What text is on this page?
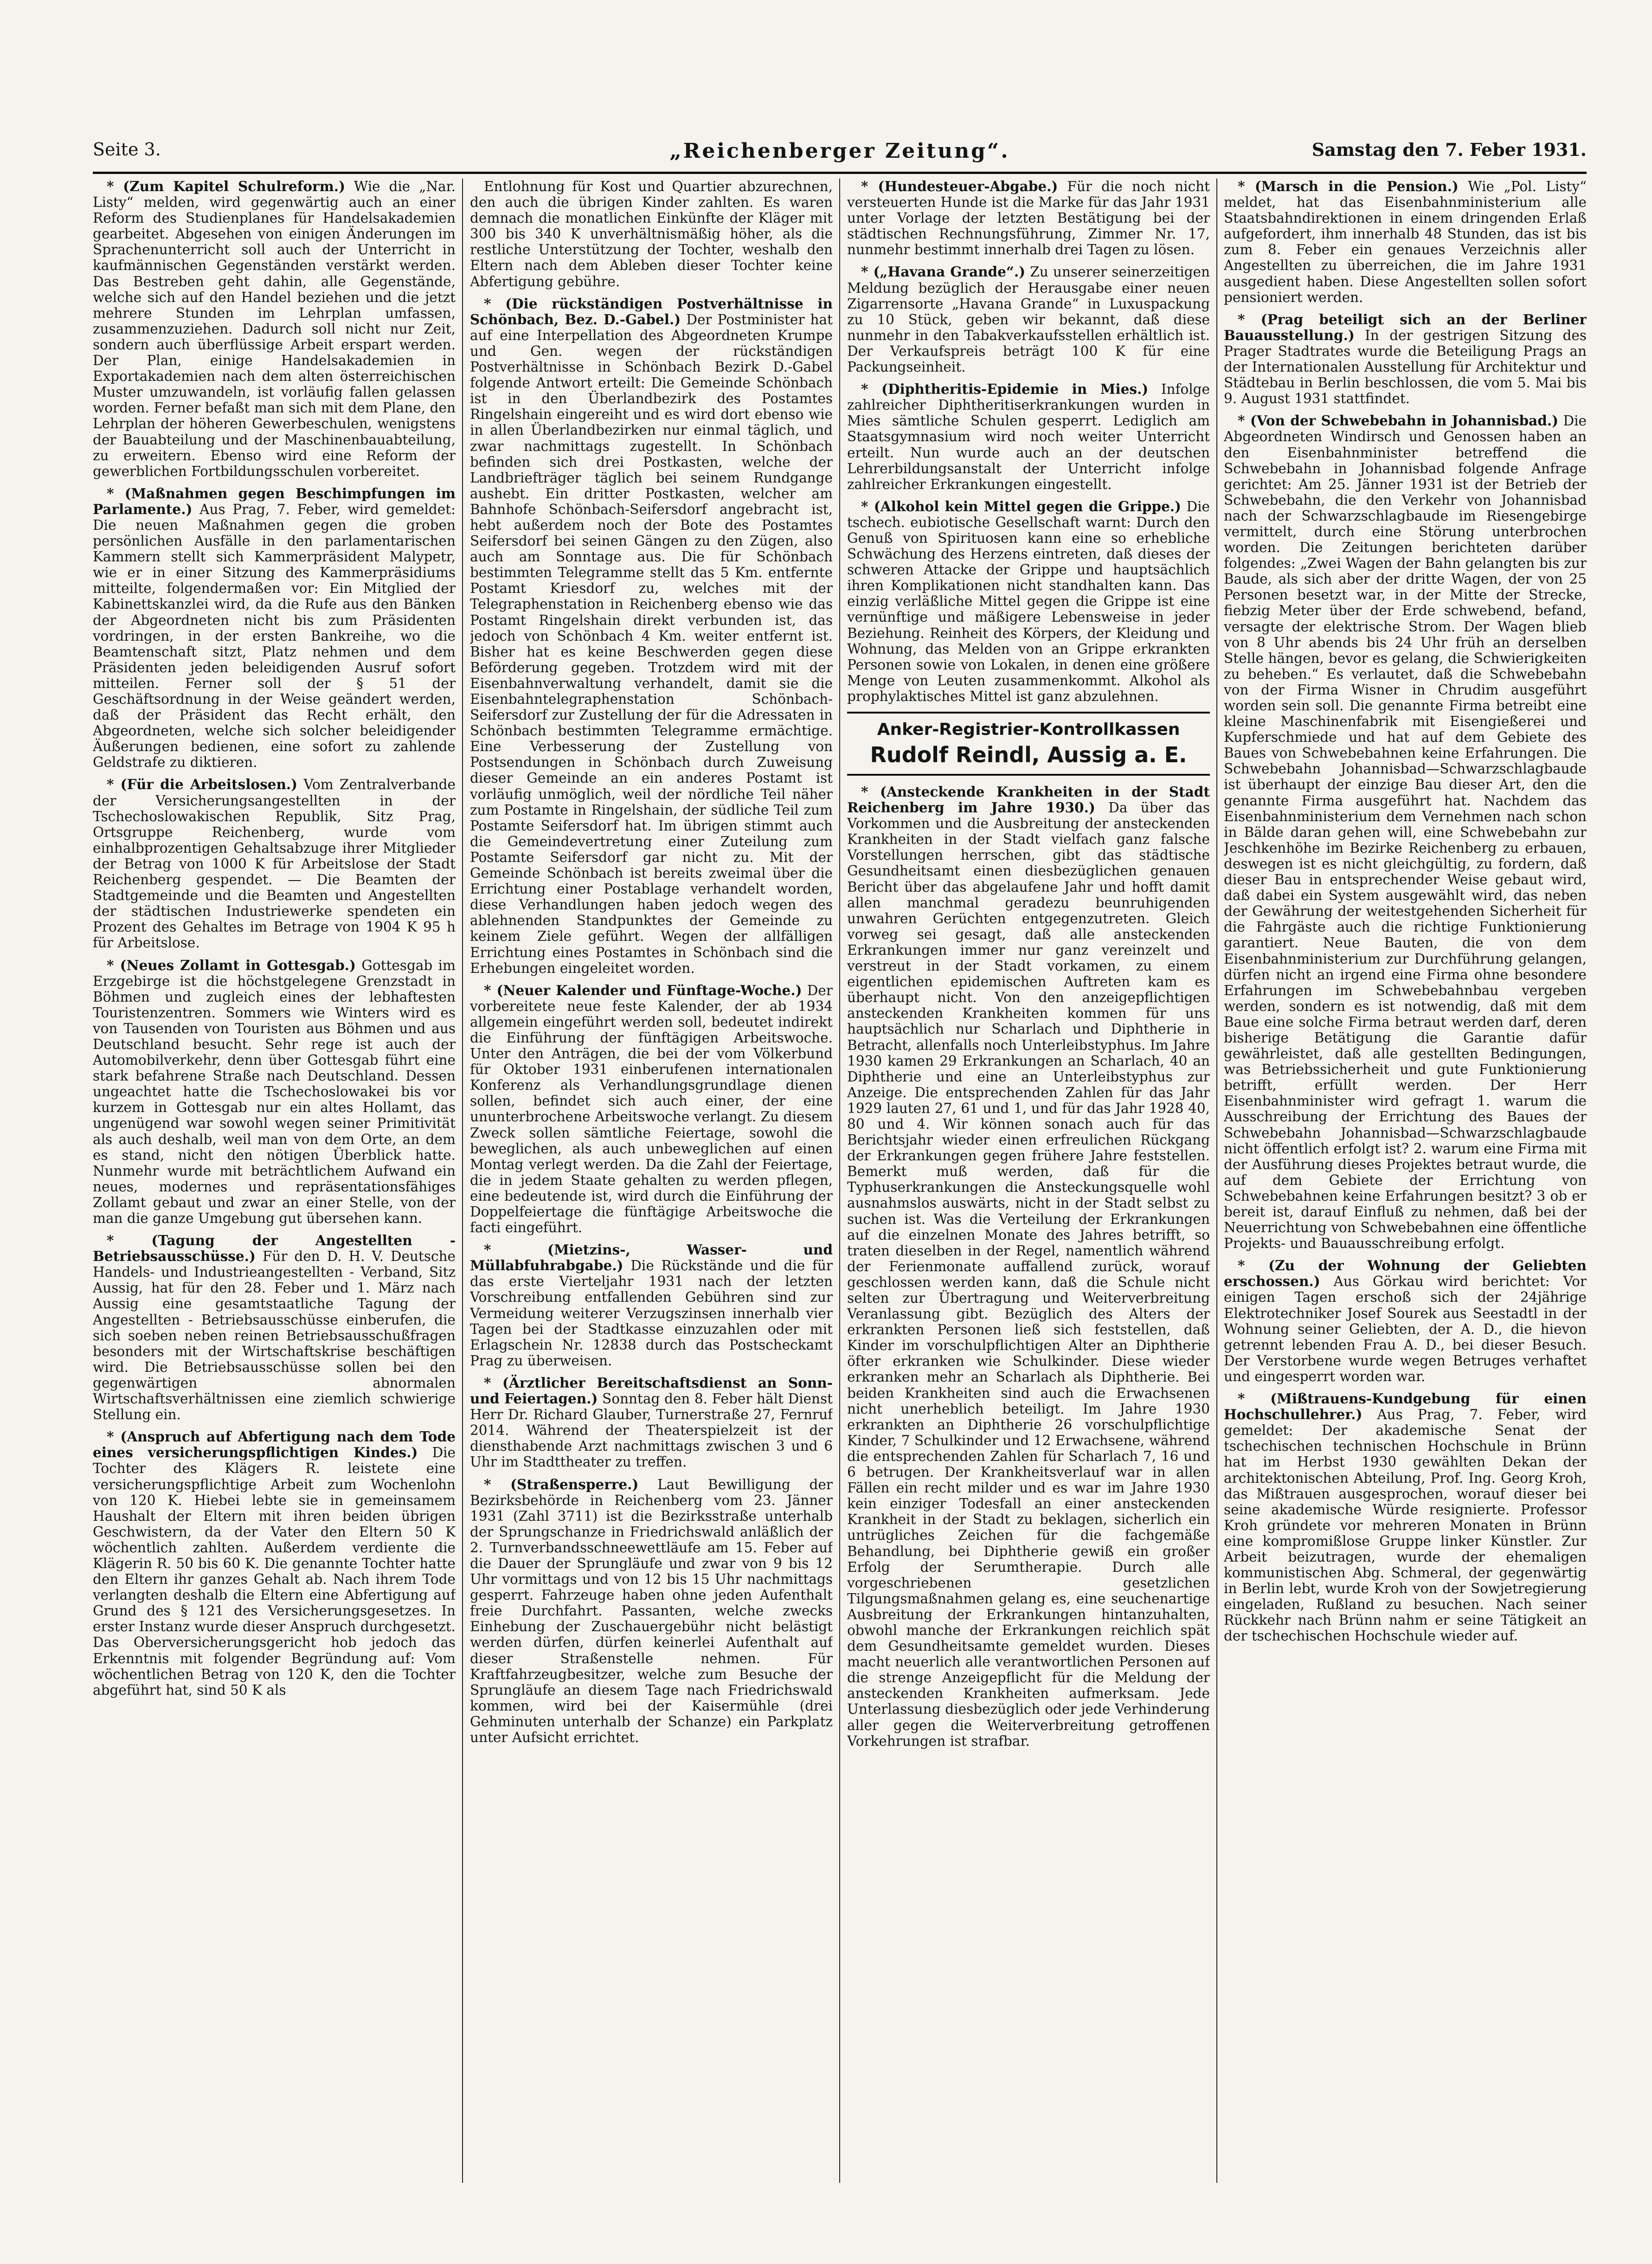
Seite 3.	„Reichenberger Zeitung“.	Samstag den 7. Feber 1931.

* (Zum Kapitel Schulreform.) Wie die „Nar. Listy“ melden, wird gegenwärtig auch an einer Reform des Studienplanes für Handelsakademien gearbeitet. Abgesehen von einigen Änderungen im Sprachenunterricht soll auch der Unterricht in kaufmännischen Gegenständen verstärkt werden. Das Bestreben geht dahin, alle Gegenstände, welche sich auf den Handel beziehen und die jetzt mehrere Stunden im Lehrplan umfassen, zusammenzuziehen. Dadurch soll nicht nur Zeit, sondern auch überflüssige Arbeit erspart werden. Der Plan, einige Handelsakademien in Exportakademien nach dem alten österreichischen Muster umzuwandeln, ist vorläufig fallen gelassen worden. Ferner befaßt man sich mit dem Plane, den Lehrplan der höheren Gewerbeschulen, wenigstens der Bauabteilung und der Maschinenbauabteilung, zu erweitern. Ebenso wird eine Reform der gewerblichen Fortbildungsschulen vorbereitet.

* (Maßnahmen gegen Beschimpfungen im Parlamente.) Aus Prag, 7. Feber, wird gemeldet: Die neuen Maßnahmen gegen die groben persönlichen Ausfälle in den parlamentarischen Kammern stellt sich Kammerpräsident Malypetr, wie er in einer Sitzung des Kammerpräsidiums mitteilte, folgendermaßen vor: Ein Mitglied der Kabinettskanzlei wird, da die Rufe aus den Bänken der Abgeordneten nicht bis zum Präsidenten vordringen, in der ersten Bankreihe, wo die Beamtenschaft sitzt, Platz nehmen und dem Präsidenten jeden beleidigenden Ausruf sofort mitteilen. Ferner soll der § 51 der Geschäftsordnung in der Weise geändert werden, daß der Präsident das Recht erhält, den Abgeordneten, welche sich solcher beleidigender Äußerungen bedienen, eine sofort zu zahlende Geldstrafe zu diktieren.

* (Für die Arbeitslosen.) Vom Zentralverbande der Versicherungsangestellten in der Tschechoslowakischen Republik, Sitz Prag, Ortsgruppe Reichenberg, wurde vom einhalbprozentigen Gehaltsabzuge ihrer Mitglieder der Betrag von 1000 K für Arbeitslose der Stadt Reichenberg gespendet. — Die Beamten der Stadtgemeinde und die Beamten und Angestellten der städtischen Industriewerke spendeten ein Prozent des Gehaltes im Betrage von 1904 K 95 h für Arbeitslose.

* (Neues Zollamt in Gottesgab.) Gottesgab im Erzgebirge ist die höchstgelegene Grenzstadt in Böhmen und zugleich eines der lebhaftesten Touristenzentren. Sommers wie Winters wird es von Tausenden von Touristen aus Böhmen und aus Deutschland besucht. Sehr rege ist auch der Automobilverkehr, denn über Gottesgab führt eine stark befahrene Straße nach Deutschland. Dessen ungeachtet hatte die Tschechoslowakei bis vor kurzem in Gottesgab nur ein altes Hollamt, das ungenügend war sowohl wegen seiner Primitivität als auch deshalb, weil man von dem Orte, an dem es stand, nicht den nötigen Überblick hatte. Nunmehr wurde mit beträchtlichem Aufwand ein neues, modernes und repräsentationsfähiges Zollamt gebaut und zwar an einer Stelle, von der man die ganze Umgebung gut übersehen kann.

* (Tagung der Angestellten - Betriebsausschüsse.) Für den D. H. V. Deutsche Handels- und Industrieangestellten - Verband, Sitz Aussig, hat für den 28. Feber und 1. März nach Aussig eine gesamtstaatliche Tagung der Angestellten - Betriebsausschüsse einberufen, die sich soeben neben reinen Betriebsausschußfragen besonders mit der Wirtschaftskrise beschäftigen wird. Die Betriebsausschüsse sollen bei den gegenwärtigen abnormalen Wirtschaftsverhältnissen eine ziemlich schwierige Stellung ein.

* (Anspruch auf Abfertigung nach dem Tode eines versicherungspflichtigen Kindes.) Die Tochter des Klägers R. leistete eine versicherungspflichtige Arbeit zum Wochenlohn von 120 K. Hiebei lebte sie in gemeinsamem Haushalt der Eltern mit ihren beiden übrigen Geschwistern, da der Vater den Eltern 50 K wöchentlich zahlten. Außerdem verdiente die Klägerin R. 50 bis 60 K. Die genannte Tochter hatte den Eltern ihr ganzes Gehalt ab. Nach ihrem Tode verlangten deshalb die Eltern eine Abfertigung auf Grund des § 121 des Versicherungsgesetzes. In erster Instanz wurde dieser Anspruch durchgesetzt. Das Oberversicherungsgericht hob jedoch das Erkenntnis mit folgender Begründung auf: Vom wöchentlichen Betrag von 120 K, den die Tochter abgeführt hat, sind 50 K als

Entlohnung für Kost und Quartier abzurechnen, den auch die übrigen Kinder zahlten. Es waren demnach die monatlichen Einkünfte der Kläger mit 300 bis 340 K unverhältnismäßig höher, als die restliche Unterstützung der Tochter, weshalb den Eltern nach dem Ableben dieser Tochter keine Abfertigung gebühre.

* (Die rückständigen Postverhältnisse in Schönbach, Bez. D.-Gabel.) Der Postminister hat auf eine Interpellation des Abgeordneten Krumpe und Gen. wegen der rückständigen Postverhältnisse in Schönbach Bezirk D.-Gabel folgende Antwort erteilt: Die Gemeinde Schönbach ist in den Überlandbezirk des Postamtes Ringelshain eingereiht und es wird dort ebenso wie in allen Überlandbezirken nur einmal täglich, und zwar nachmittags zugestellt. In Schönbach befinden sich drei Postkasten, welche der Landbriefträger täglich bei seinem Rundgange aushebt. Ein dritter Postkasten, welcher am Bahnhofe Schönbach-Seifersdorf angebracht ist, hebt außerdem noch der Bote des Postamtes Seifersdorf bei seinen Gängen zu den Zügen, also auch am Sonntage aus. Die für Schönbach bestimmten Telegramme stellt das 5 Km. entfernte Postamt Kriesdorf zu, welches mit der Telegraphenstation in Reichenberg ebenso wie das Postamt Ringelshain direkt verbunden ist, das jedoch von Schönbach 4 Km. weiter entfernt ist. Bisher hat es keine Beschwerden gegen diese Beförderung gegeben. Trotzdem wird mit der Eisenbahnverwaltung verhandelt, damit sie die Eisenbahntelegraphenstation Schönbach-Seifersdorf zur Zustellung der für die Adressaten in Schönbach bestimmten Telegramme ermächtige. Eine Verbesserung der Zustellung von Postsendungen in Schönbach durch Zuweisung dieser Gemeinde an ein anderes Postamt ist vorläufig unmöglich, weil der nördliche Teil näher zum Postamte in Ringelshain, der südliche Teil zum Postamte Seifersdorf hat. Im übrigen stimmt auch die Gemeindevertretung einer Zuteilung zum Postamte Seifersdorf gar nicht zu. Mit der Gemeinde Schönbach ist bereits zweimal über die Errichtung einer Postablage verhandelt worden, diese Verhandlungen haben jedoch wegen des ablehnenden Standpunktes der Gemeinde zu keinem Ziele geführt. Wegen der allfälligen Errichtung eines Postamtes in Schönbach sind die Erhebungen eingeleitet worden.

* (Neuer Kalender und Fünftage-Woche.) Der vorbereitete neue feste Kalender, der ab 1934 allgemein eingeführt werden soll, bedeutet indirekt die Einführung der fünftägigen Arbeitswoche. Unter den Anträgen, die bei der vom Völkerbund für Oktober 1931 einberufenen internationalen Konferenz als Verhandlungsgrundlage dienen sollen, befindet sich auch einer, der eine ununterbrochene Arbeitswoche verlangt. Zu diesem Zweck sollen sämtliche Feiertage, sowohl die beweglichen, als auch unbeweglichen auf einen Montag verlegt werden. Da die Zahl der Feiertage, die in jedem Staate gehalten zu werden pflegen, eine bedeutende ist, wird durch die Einführung der Doppelfeiertage die fünftägige Arbeitswoche die facti eingeführt.

* (Mietzins-, Wasser- und Müllabfuhrabgabe.) Die Rückstände und die für das erste Vierteljahr 1931 nach der letzten Vorschreibung entfallenden Gebühren sind zur Vermeidung weiterer Verzugszinsen innerhalb vier Tagen bei der Stadtkasse einzuzahlen oder mit Erlagschein Nr. 12838 durch das Postscheckamt Prag zu überweisen.

* (Ärztlicher Bereitschaftsdienst an Sonn- und Feiertagen.) Sonntag den 8. Feber hält Dienst Herr Dr. Richard Glauber, Turnerstraße 27, Fernruf 2014. Während der Theaterspielzeit ist der diensthabende Arzt nachmittags zwischen 3 und 6 Uhr im Stadttheater zu treffen.

* (Straßensperre.) Laut Bewilligung der Bezirksbehörde in Reichenberg vom 23. Jänner 1931 (Zahl 3711) ist die Bezirksstraße unterhalb der Sprungschanze in Friedrichswald anläßlich der 2. Turnverbandsschneewettläufe am 15. Feber auf die Dauer der Sprungläufe und zwar von 9 bis 12 Uhr vormittags und von 12 bis 15 Uhr nachmittags gesperrt. Fahrzeuge haben ohne jeden Aufenthalt freie Durchfahrt. Passanten, welche zwecks Einhebung der Zuschauergebühr nicht belästigt werden dürfen, dürfen keinerlei Aufenthalt auf dieser Straßenstelle nehmen. Für Kraftfahrzeugbesitzer, welche zum Besuche der Sprungläufe an diesem Tage nach Friedrichswald kommen, wird bei der Kaisermühle (drei Gehminuten unterhalb der Schanze) ein Parkplatz unter Aufsicht errichtet.

* (Hundesteuer-Abgabe.) Für die noch nicht versteuerten Hunde ist die Marke für das Jahr 1931 unter Vorlage der letzten Bestätigung bei der städtischen Rechnungsführung, Zimmer Nr. 17, nunmehr bestimmt innerhalb drei Tagen zu lösen.

* („Havana Grande“.) Zu unserer seinerzeitigen Meldung bezüglich der Herausgabe einer neuen Zigarrensorte „Havana Grande“ in Luxuspackung zu 10 Stück, geben wir bekannt, daß diese nunmehr in den Tabakverkaufsstellen erhältlich ist. Der Verkaufspreis beträgt 100 K für eine Packungseinheit.

* (Diphtheritis-Epidemie in Mies.) Infolge zahlreicher Diphtheritiserkrankungen wurden in Mies sämtliche Schulen gesperrt. Lediglich am Staatsgymnasium wird noch weiter Unterricht erteilt. Nun wurde auch an der deutschen Lehrerbildungsanstalt der Unterricht infolge zahlreicher Erkrankungen eingestellt.

* (Alkohol kein Mittel gegen die Grippe.) Die tschech. eubiotische Gesellschaft warnt: Durch den Genuß von Spirituosen kann eine so erhebliche Schwächung des Herzens eintreten, daß dieses der schweren Attacke der Grippe und hauptsächlich ihren Komplikationen nicht standhalten kann. Das einzig verläßliche Mittel gegen die Grippe ist eine vernünftige und mäßigere Lebensweise in jeder Beziehung. Reinheit des Körpers, der Kleidung und Wohnung, das Melden von an Grippe erkrankten Personen sowie von Lokalen, in denen eine größere Menge von Leuten zusammenkommt. Alkohol als prophylaktisches Mittel ist ganz abzulehnen.

Anker-Registrier-Kontrollkassen
Rudolf Reindl, Aussig a. E.

* (Ansteckende Krankheiten in der Stadt Reichenberg im Jahre 1930.) Da über das Vorkommen und die Ausbreitung der ansteckenden Krankheiten in der Stadt vielfach ganz falsche Vorstellungen herrschen, gibt das städtische Gesundheitsamt einen diesbezüglichen genauen Bericht über das abgelaufene Jahr und hofft damit allen manchmal geradezu beunruhigenden unwahren Gerüchten entgegenzutreten. Gleich vorweg sei gesagt, daß alle ansteckenden Erkrankungen immer nur ganz vereinzelt und verstreut in der Stadt vorkamen, zu einem eigentlichen epidemischen Auftreten kam es überhaupt nicht. Von den anzeigepflichtigen ansteckenden Krankheiten kommen für uns hauptsächlich nur Scharlach und Diphtherie in Betracht, allenfalls noch Unterleibstyphus. Im Jahre 1930 kamen 29 Erkrankungen an Scharlach, 40 an Diphtherie und eine an Unterleibstyphus zur Anzeige. Die entsprechenden Zahlen für das Jahr 1929 lauten 27, 61 und 1, und für das Jahr 1928 40, 80 und 4. Wir können sonach auch für das Berichtsjahr wieder einen erfreulichen Rückgang der Erkrankungen gegen frühere Jahre feststellen. Bemerkt muß werden, daß für die Typhuserkrankungen die Ansteckungsquelle wohl ausnahmslos auswärts, nicht in der Stadt selbst zu suchen ist. Was die Verteilung der Erkrankungen auf die einzelnen Monate des Jahres betrifft, so traten dieselben in der Regel, namentlich während der Ferienmonate auffallend zurück, worauf geschlossen werden kann, daß die Schule nicht selten zur Übertragung und Weiterverbreitung Veranlassung gibt. Bezüglich des Alters der erkrankten Personen ließ sich feststellen, daß Kinder im vorschulpflichtigen Alter an Diphtherie öfter erkranken wie Schulkinder. Diese wieder erkranken mehr an Scharlach als Diphtherie. Bei beiden Krankheiten sind auch die Erwachsenen nicht unerheblich beteiligt. Im Jahre 1930 erkrankten an Diphtherie 26 vorschulpflichtige Kinder, 7 Schulkinder und 12 Erwachsene, während die entsprechenden Zahlen für Scharlach 7, 16 und 6 betrugen. Der Krankheitsverlauf war in allen Fällen ein recht milder und es war im Jahre 1930 kein einziger Todesfall an einer ansteckenden Krankheit in der Stadt zu beklagen, sicherlich ein untrügliches Zeichen für die fachgemäße Behandlung, bei Diphtherie gewiß ein großer Erfolg der Serumtherapie. Durch alle vorgeschriebenen gesetzlichen Tilgungsmaßnahmen gelang es, eine seuchenartige Ausbreitung der Erkrankungen hintanzuhalten, obwohl manche der Erkrankungen reichlich spät dem Gesundheitsamte gemeldet wurden. Dieses macht neuerlich alle verantwortlichen Personen auf die strenge Anzeigepflicht für die Meldung der ansteckenden Krankheiten aufmerksam. Jede Unterlassung diesbezüglich oder jede Verhinderung aller gegen die Weiterverbreitung getroffenen Vorkehrungen ist strafbar.

* (Marsch in die Pension.) Wie „Pol. Listy“ meldet, hat das Eisenbahnministerium alle Staatsbahndirektionen in einem dringenden Erlaß aufgefordert, ihm innerhalb 48 Stunden, das ist bis zum 8. Feber ein genaues Verzeichnis aller Angestellten zu überreichen, die im Jahre 1931 ausgedient haben. Diese Angestellten sollen sofort pensioniert werden.

* (Prag beteiligt sich an der Berliner Bauausstellung.) In der gestrigen Sitzung des Prager Stadtrates wurde die Beteiligung Prags an der Internationalen Ausstellung für Architektur und Städtebau in Berlin beschlossen, die vom 5. Mai bis 9. August 1931 stattfindet.

* (Von der Schwebebahn in Johannisbad.) Die Abgeordneten Windirsch und Genossen haben an den Eisenbahnminister betreffend die Schwebebahn in Johannisbad folgende Anfrage gerichtet: Am 25. Jänner 1931 ist der Betrieb der Schwebebahn, die den Verkehr von Johannisbad nach der Schwarzschlagbaude im Riesengebirge vermittelt, durch eine Störung unterbrochen worden. Die Zeitungen berichteten darüber folgendes: „Zwei Wagen der Bahn gelangten bis zur Baude, als sich aber der dritte Wagen, der von 25 Personen besetzt war, in der Mitte der Strecke, fiebzig Meter über der Erde schwebend, befand, versagte der elektrische Strom. Der Wagen blieb von 8 Uhr abends bis 24 Uhr früh an derselben Stelle hängen, bevor es gelang, die Schwierigkeiten zu beheben.“ Es verlautet, daß die Schwebebahn von der Firma Wisner in Chrudim ausgeführt worden sein soll. Die genannte Firma betreibt eine kleine Maschinenfabrik mit Eisengießerei und Kupferschmiede und hat auf dem Gebiete des Baues von Schwebebahnen keine Erfahrungen. Die Schwebebahn Johannisbad—Schwarzschlagbaude ist überhaupt der einzige Bau dieser Art, den die genannte Firma ausgeführt hat. Nachdem das Eisenbahnministerium dem Vernehmen nach schon in Bälde daran gehen will, eine Schwebebahn zur Jeschkenhöhe im Bezirke Reichenberg zu erbauen, deswegen ist es nicht gleichgültig, zu fordern, daß dieser Bau in entsprechender Weise gebaut wird, daß dabei ein System ausgewählt wird, das neben der Gewährung der weitestgehenden Sicherheit für die Fahrgäste auch die richtige Funktionierung garantiert. Neue Bauten, die von dem Eisenbahnministerium zur Durchführung gelangen, dürfen nicht an irgend eine Firma ohne besondere Erfahrungen im Schwebebahnbau vergeben werden, sondern es ist notwendig, daß mit dem Baue eine solche Firma betraut werden darf, deren bisherige Betätigung die Garantie dafür gewährleistet, daß alle gestellten Bedingungen, was Betriebssicherheit und gute Funktionierung betrifft, erfüllt werden. Der Herr Eisenbahnminister wird gefragt 1. warum die Ausschreibung der Errichtung des Baues der Schwebebahn Johannisbad—Schwarzschlagbaude nicht öffentlich erfolgt ist? 2. warum eine Firma mit der Ausführung dieses Projektes betraut wurde, die auf dem Gebiete der Errichtung von Schwebebahnen keine Erfahrungen besitzt? 3 ob er bereit ist, darauf Einfluß zu nehmen, daß bei der Neuerrichtung von Schwebebahnen eine öffentliche Projekts- und Bauausschreibung erfolgt.

* (Zu der Wohnung der Geliebten erschossen.) Aus Görkau wird berichtet: Vor einigen Tagen erschoß sich der 24jährige Elektrotechniker Josef Sourek aus Seestadtl in der Wohnung seiner Geliebten, der A. D., die hievon getrennt lebenden Frau A. D., bei dieser Besuch. Der Verstorbene wurde wegen Betruges verhaftet und eingesperrt worden war.

* (Mißtrauens-Kundgebung für einen Hochschullehrer.) Aus Prag, 7. Feber, wird gemeldet: Der akademische Senat der tschechischen technischen Hochschule in Brünn hat im Herbst 1930 gewählten Dekan der architektonischen Abteilung, Prof. Ing. Georg Kroh, das Mißtrauen ausgesprochen, worauf dieser bei seine akademische Würde resignierte. Professor Kroh gründete vor mehreren Monaten in Brünn eine kompromißlose Gruppe linker Künstler. Zur Arbeit beizutragen, wurde der ehemaligen kommunistischen Abg. Schmeral, der gegenwärtig in Berlin lebt, wurde Kroh von der Sowjetregierung eingeladen, Rußland zu besuchen. Nach seiner Rückkehr nach Brünn nahm er seine Tätigkeit an der tschechischen Hochschule wieder auf.
